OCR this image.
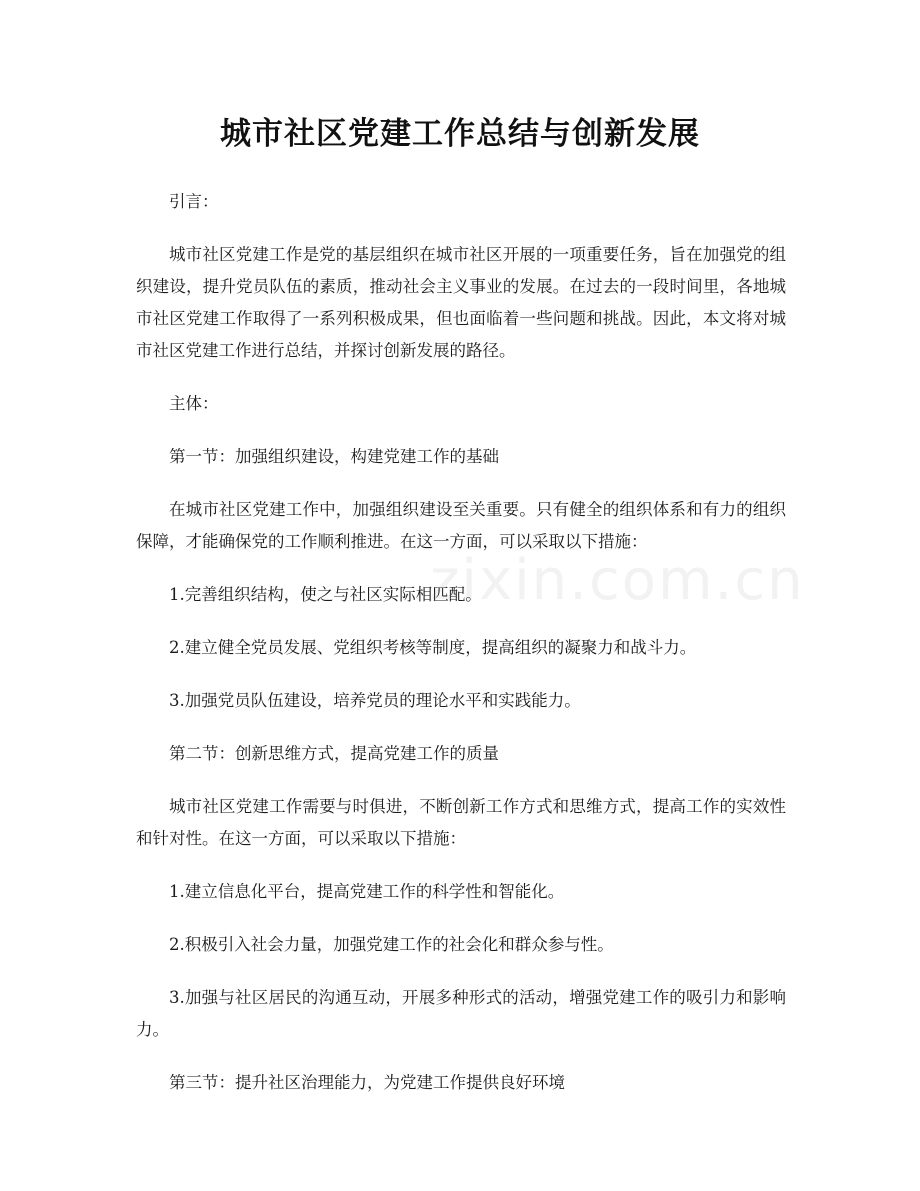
城市社区党建工作总结与创新发展

引言：

城市社区党建工作是党的基层组织在城市社区开展的一项重要任务，旨在加强党的组织建设，提升党员队伍的素质，推动社会主义事业的发展。在过去的一段时间里，各地城市社区党建工作取得了一系列积极成果，但也面临着一些问题和挑战。因此，本文将对城市社区党建工作进行总结，并探讨创新发展的路径。

主体：

第一节：加强组织建设，构建党建工作的基础

在城市社区党建工作中，加强组织建设至关重要。只有健全的组织体系和有力的组织保障，才能确保党的工作顺利推进。在这一方面，可以采取以下措施：

1.完善组织结构，使之与社区实际相匹配。

2.建立健全党员发展、党组织考核等制度，提高组织的凝聚力和战斗力。

3.加强党员队伍建设，培养党员的理论水平和实践能力。

第二节：创新思维方式，提高党建工作的质量

城市社区党建工作需要与时俱进，不断创新工作方式和思维方式，提高工作的实效性和针对性。在这一方面，可以采取以下措施：

1.建立信息化平台，提高党建工作的科学性和智能化。

2.积极引入社会力量，加强党建工作的社会化和群众参与性。

3.加强与社区居民的沟通互动，开展多种形式的活动，增强党建工作的吸引力和影响力。

第三节：提升社区治理能力，为党建工作提供良好环境

zixin.com.cn
